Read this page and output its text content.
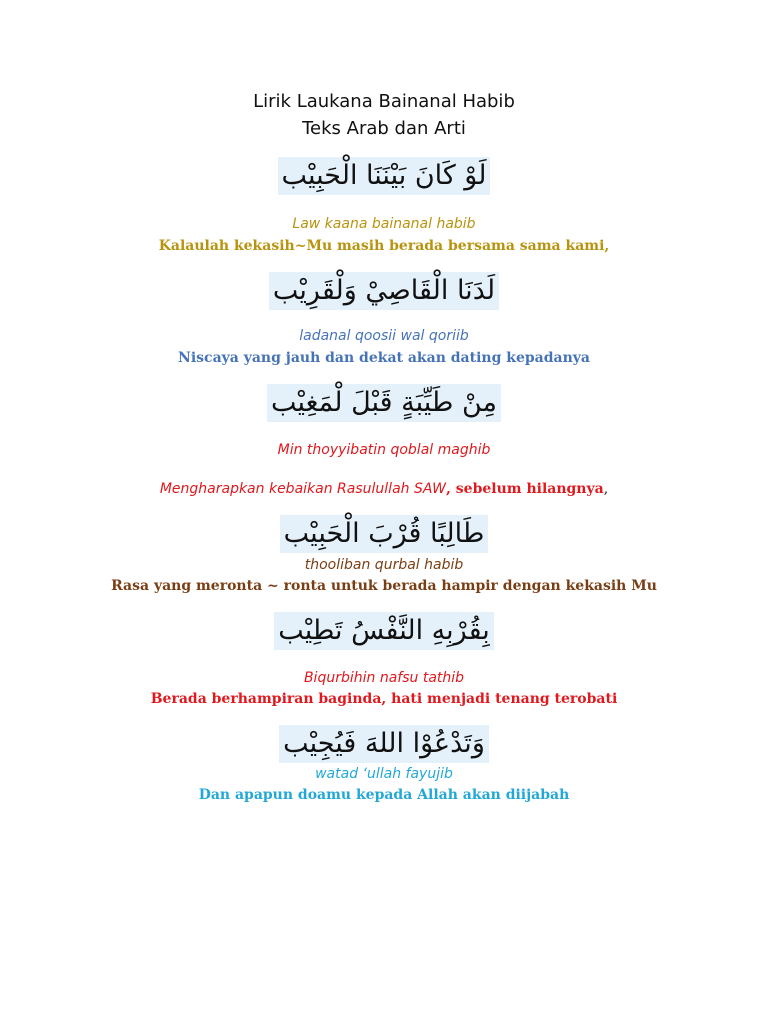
Lirik Laukana Bainanal Habib
Teks Arab dan Arti
لَوْ كَانَ بَيْنَنَا الْحَبِيْب
Law kaana bainanal habib
Kalaulah kekasih~Mu masih berada bersama sama kami,
لَدَنَا الْقَاصِيْ وَلْقَرِيْب
ladanal qoosii wal qoriib
Niscaya yang jauh dan dekat akan dating kepadanya
مِنْ طَيِّبَةٍ قَبْلَ لْمَغِيْب
Min thoyyibatin qoblal maghib
Mengharapkan kebaikan Rasulullah SAW, sebelum hilangnya,
طَالِبًا قُرْبَ الْحَبِيْب
thooliban qurbal habib
Rasa yang meronta ~ ronta untuk berada hampir dengan kekasih Mu
بِقُرْبِهِ النَّفْسُ تَطِيْب
Biqurbihin nafsu tathib
Berada berhampiran baginda, hati menjadi tenang terobati
وَتَدْعُوْا اللهَ فَيُجِيْب
watad ‘ullah fayujib
Dan apapun doamu kepada Allah akan diijabah
